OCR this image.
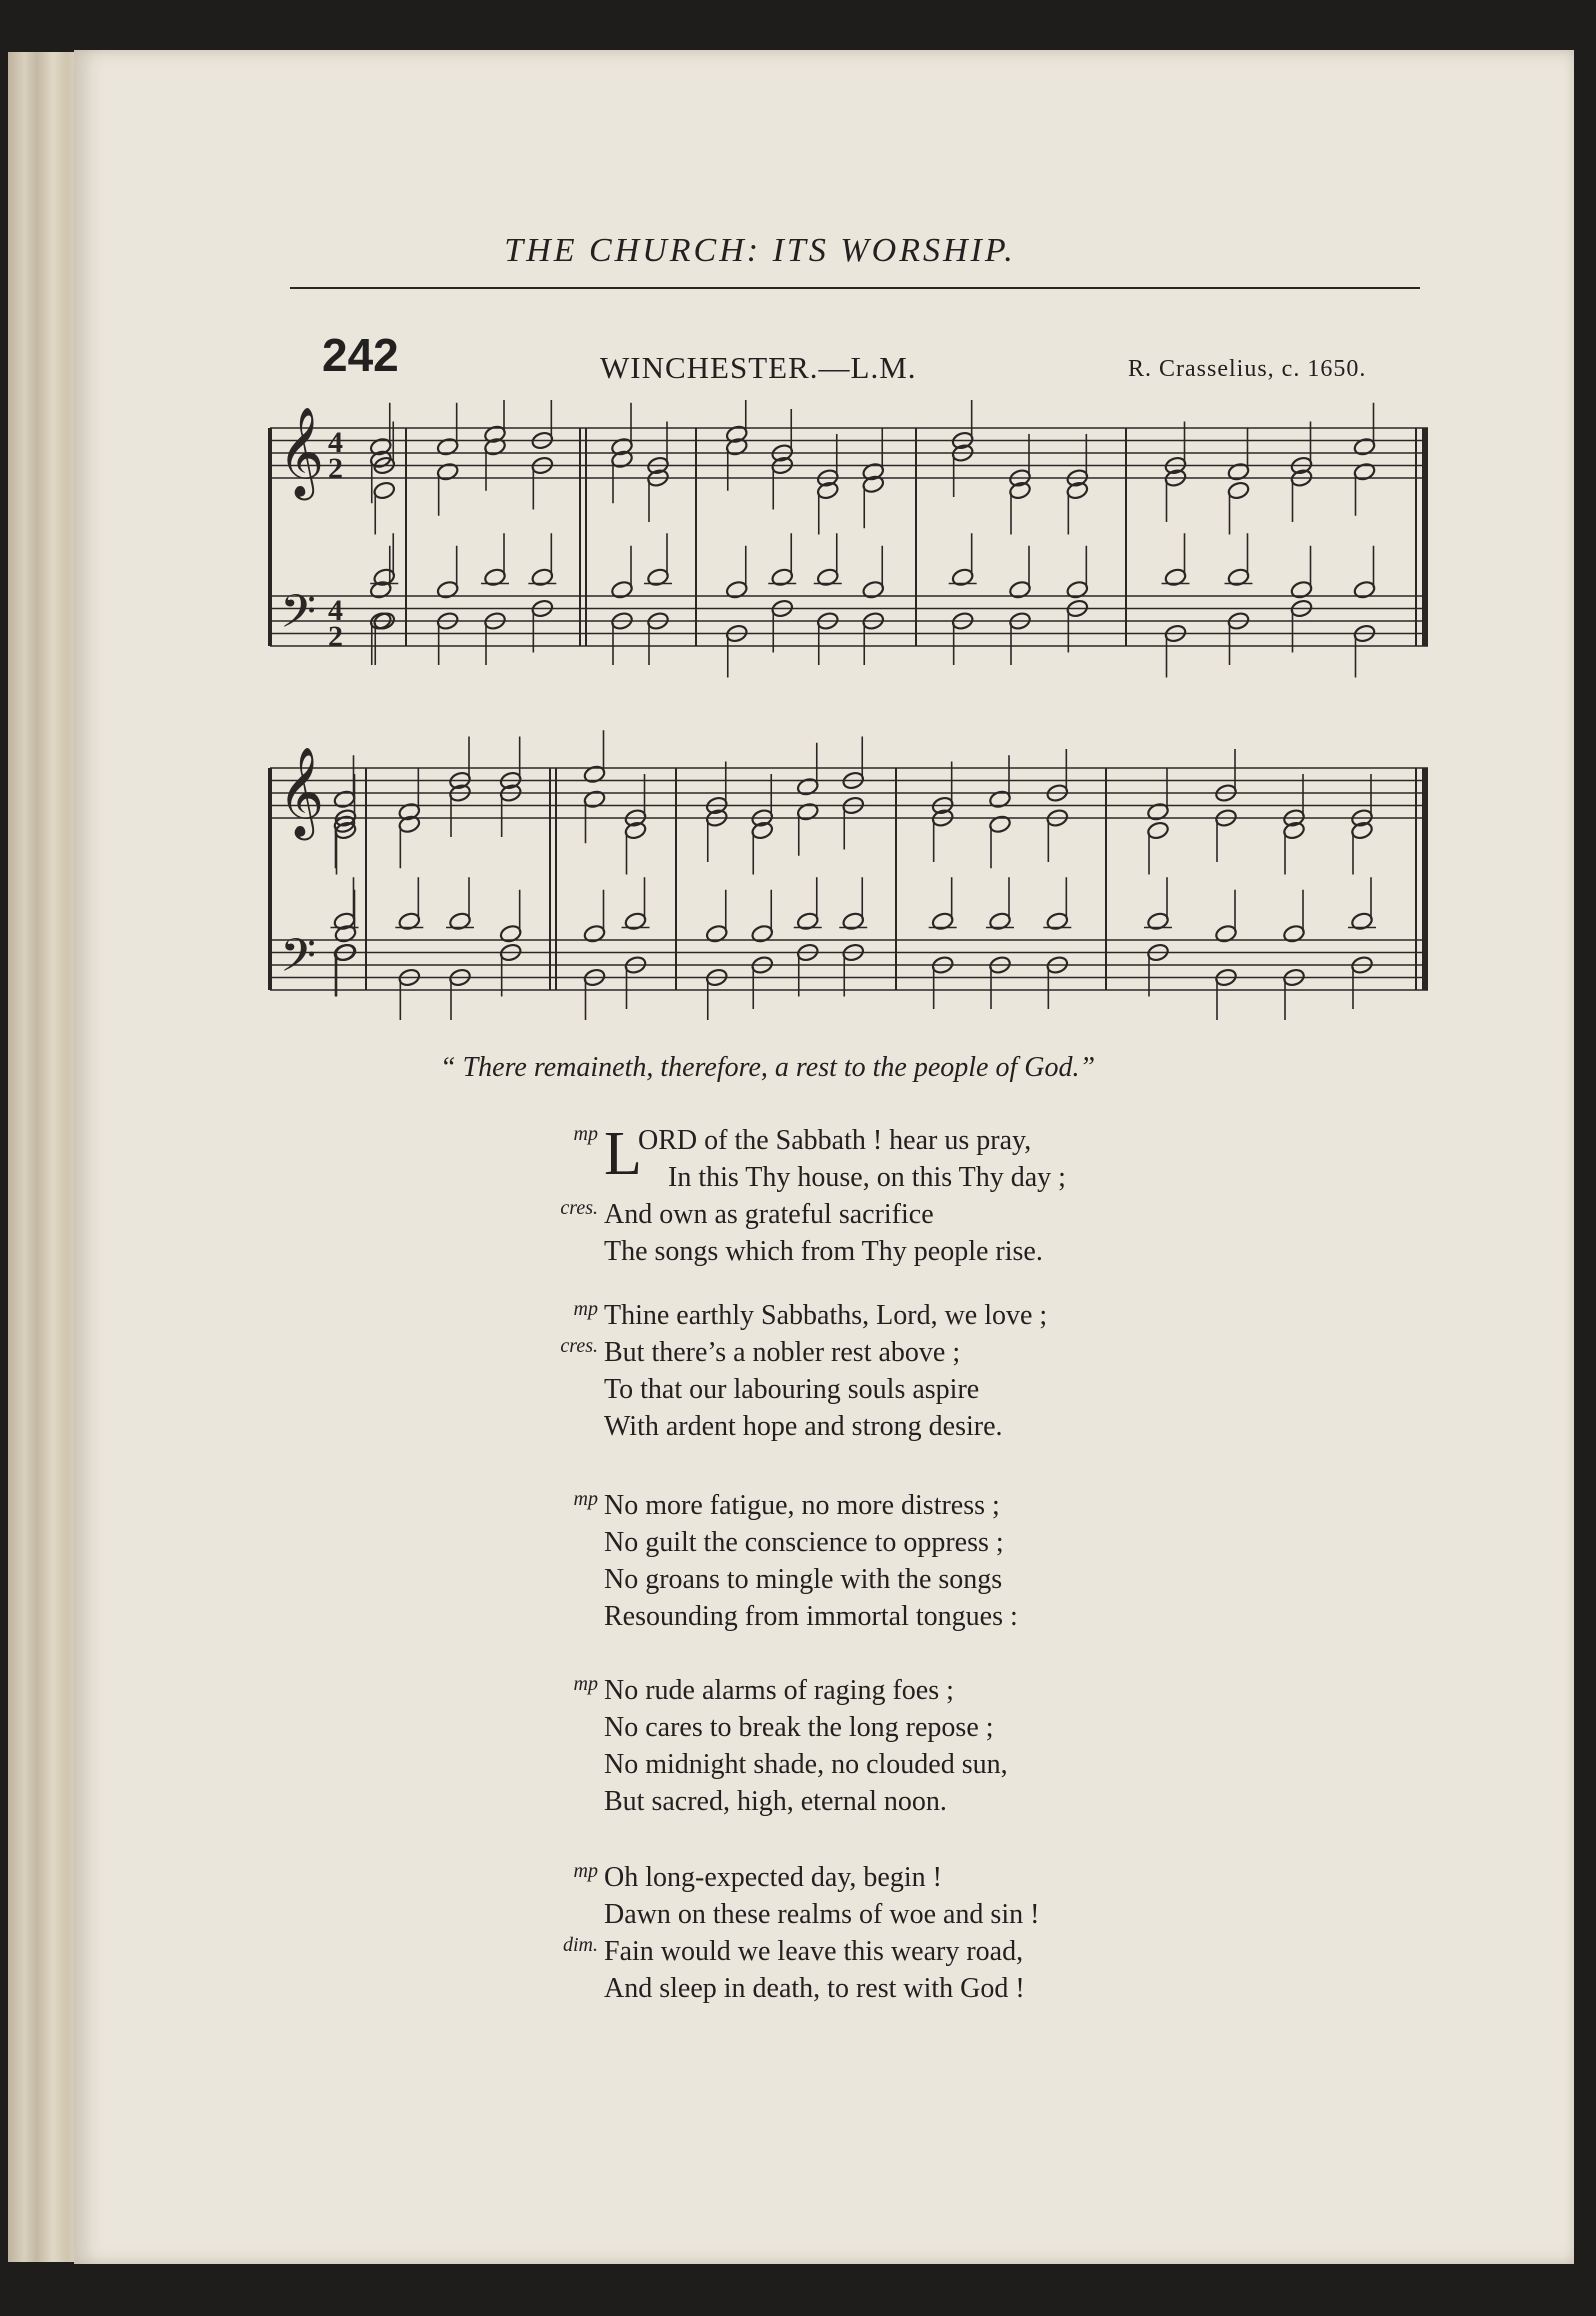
THE CHURCH: ITS WORSHIP.
242	WINCHESTER.—L.M.	R. Crasselius, c. 1650.
𝄞
𝄢
4
2
4
2
𝄞
𝄢
“ There remaineth, therefore, a rest to the people of God.”
mp L
ORD of the Sabbath ! hear us pray,
In this Thy house, on this Thy day ;
cres. And own as grateful sacrifice
The songs which from Thy people rise.
mp Thine earthly Sabbaths, Lord, we love ;
cres. But there’s a nobler rest above ;
To that our labouring souls aspire
With ardent hope and strong desire.
mp No more fatigue, no more distress ;
No guilt the conscience to oppress ;
No groans to mingle with the songs
Resounding from immortal tongues :
mp No rude alarms of raging foes ;
No cares to break the long repose ;
No midnight shade, no clouded sun,
But sacred, high, eternal noon.
mp Oh long-expected day, begin !
Dawn on these realms of woe and sin !
dim. Fain would we leave this weary road,
And sleep in death, to rest with God !
